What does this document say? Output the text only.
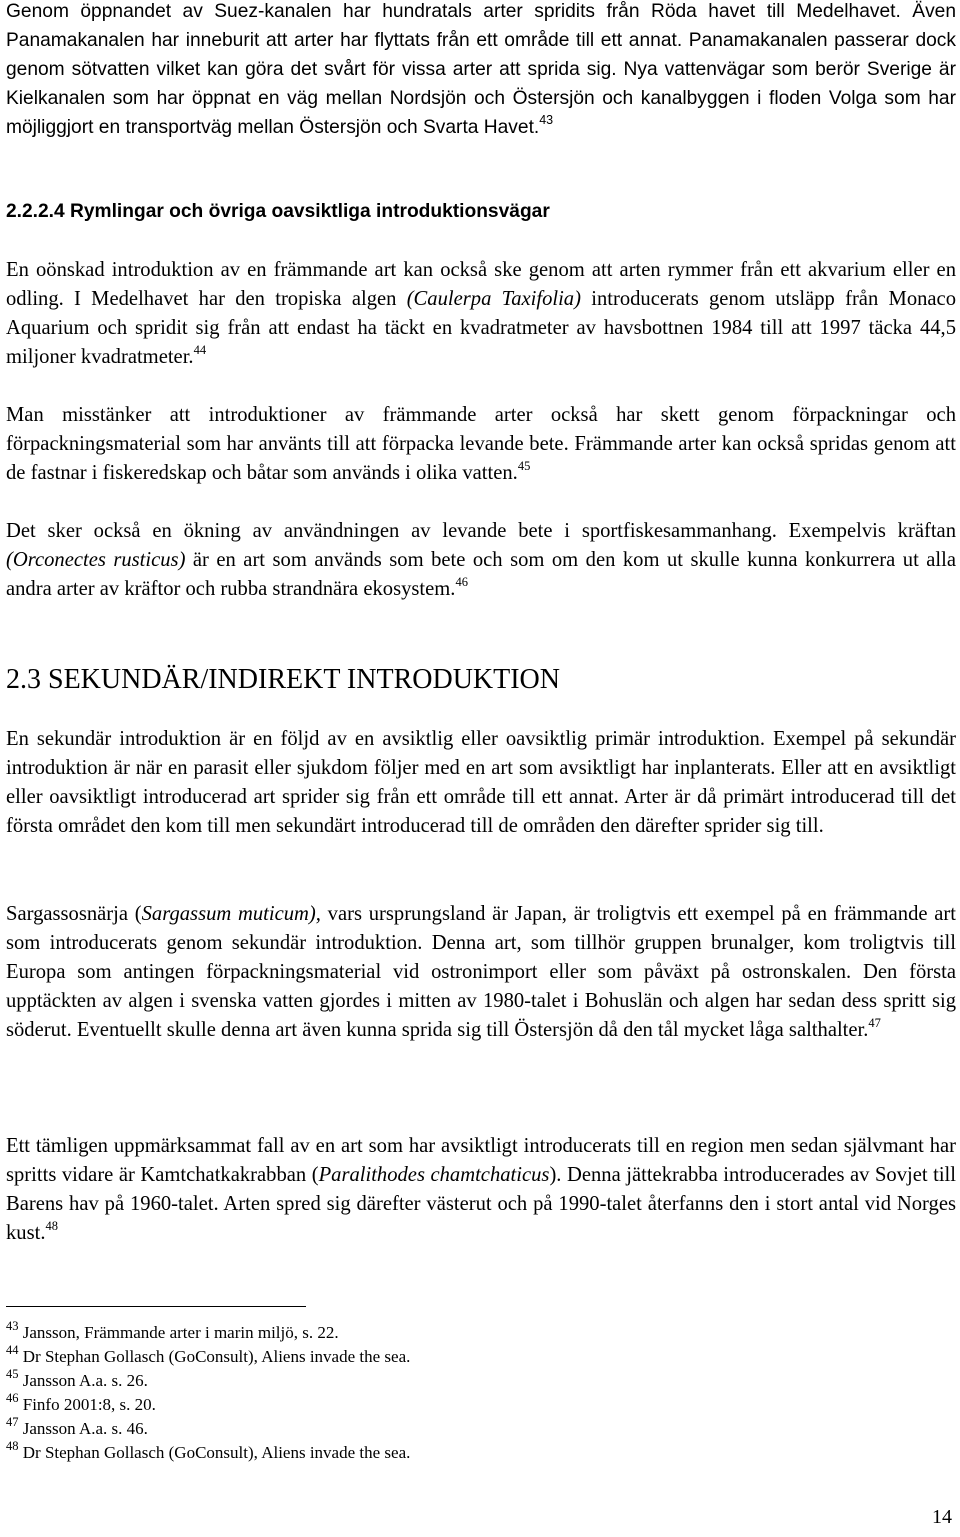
Genom öppnandet av Suez-kanalen har hundratals arter spridits från Röda havet till Medelhavet. Även Panamakanalen har inneburit att arter har flyttats från ett område till ett annat. Panamakanalen passerar dock genom sötvatten vilket kan göra det svårt för vissa arter att sprida sig. Nya vattenvägar som berör Sverige är Kielkanalen som har öppnat en väg mellan Nordsjön och Östersjön och kanalbyggen i floden Volga som har möjliggjort en transportväg mellan Östersjön och Svarta Havet.$^{43}$

2.2.2.4 Rymlingar och övriga oavsiktliga introduktionsvägar

En oönskad introduktion av en främmande art kan också ske genom att arten rymmer från ett akvarium eller en odling. I Medelhavet har den tropiska algen (Caulerpa Taxifolia) introducerats genom utsläpp från Monaco Aquarium och spridit sig från att endast ha täckt en kvadratmeter av havsbottnen 1984 till att 1997 täcka 44,5 miljoner kvadratmeter.$^{44}$

Man misstänker att introduktioner av främmande arter också har skett genom förpackningar och förpackningsmaterial som har använts till att förpacka levande bete. Främmande arter kan också spridas genom att de fastnar i fiskeredskap och båtar som används i olika vatten.$^{45}$

Det sker också en ökning av användningen av levande bete i sportfiskesammanhang. Exempelvis kräftan (Orconectes rusticus) är en art som används som bete och som om den kom ut skulle kunna konkurrera ut alla andra arter av kräftor och rubba strandnära ekosystem.$^{46}$

2.3 SEKUNDÄR/INDIREKT INTRODUKTION

En sekundär introduktion är en följd av en avsiktlig eller oavsiktlig primär introduktion. Exempel på sekundär introduktion är när en parasit eller sjukdom följer med en art som avsiktligt har inplanterats. Eller att en avsiktligt eller oavsiktligt introducerad art sprider sig från ett område till ett annat. Arter är då primärt introducerad till det första området den kom till men sekundärt introducerad till de områden den därefter sprider sig till.

Sargassosnärja (Sargassum muticum), vars ursprungsland är Japan, är troligtvis ett exempel på en främmande art som introducerats genom sekundär introduktion. Denna art, som tillhör gruppen brunalger, kom troligtvis till Europa som antingen förpackningsmaterial vid ostronimport eller som påväxt på ostronskalen. Den första upptäckten av algen i svenska vatten gjordes i mitten av 1980-talet i Bohuslän och algen har sedan dess spritt sig söderut. Eventuellt skulle denna art även kunna sprida sig till Östersjön då den tål mycket låga salthalter.$^{47}$

Ett tämligen uppmärksammat fall av en art som har avsiktligt introducerats till en region men sedan självmant har spritts vidare är Kamtchatkakrabban (Paralithodes chamtchaticus). Denna jättekrabba introducerades av Sovjet till Barens hav på 1960-talet. Arten spred sig därefter västerut och på 1990-talet återfanns den i stort antal vid Norges kust.$^{48}$

$^{43}$ Jansson, Främmande arter i marin miljö, s. 22.

$^{44}$ Dr Stephan Gollasch (GoConsult), Aliens invade the sea.

$^{45}$ Jansson A.a. s. 26.

$^{46}$ Finfo 2001:8, s. 20.

$^{47}$ Jansson A.a. s. 46.

$^{48}$ Dr Stephan Gollasch (GoConsult), Aliens invade the sea.

14
